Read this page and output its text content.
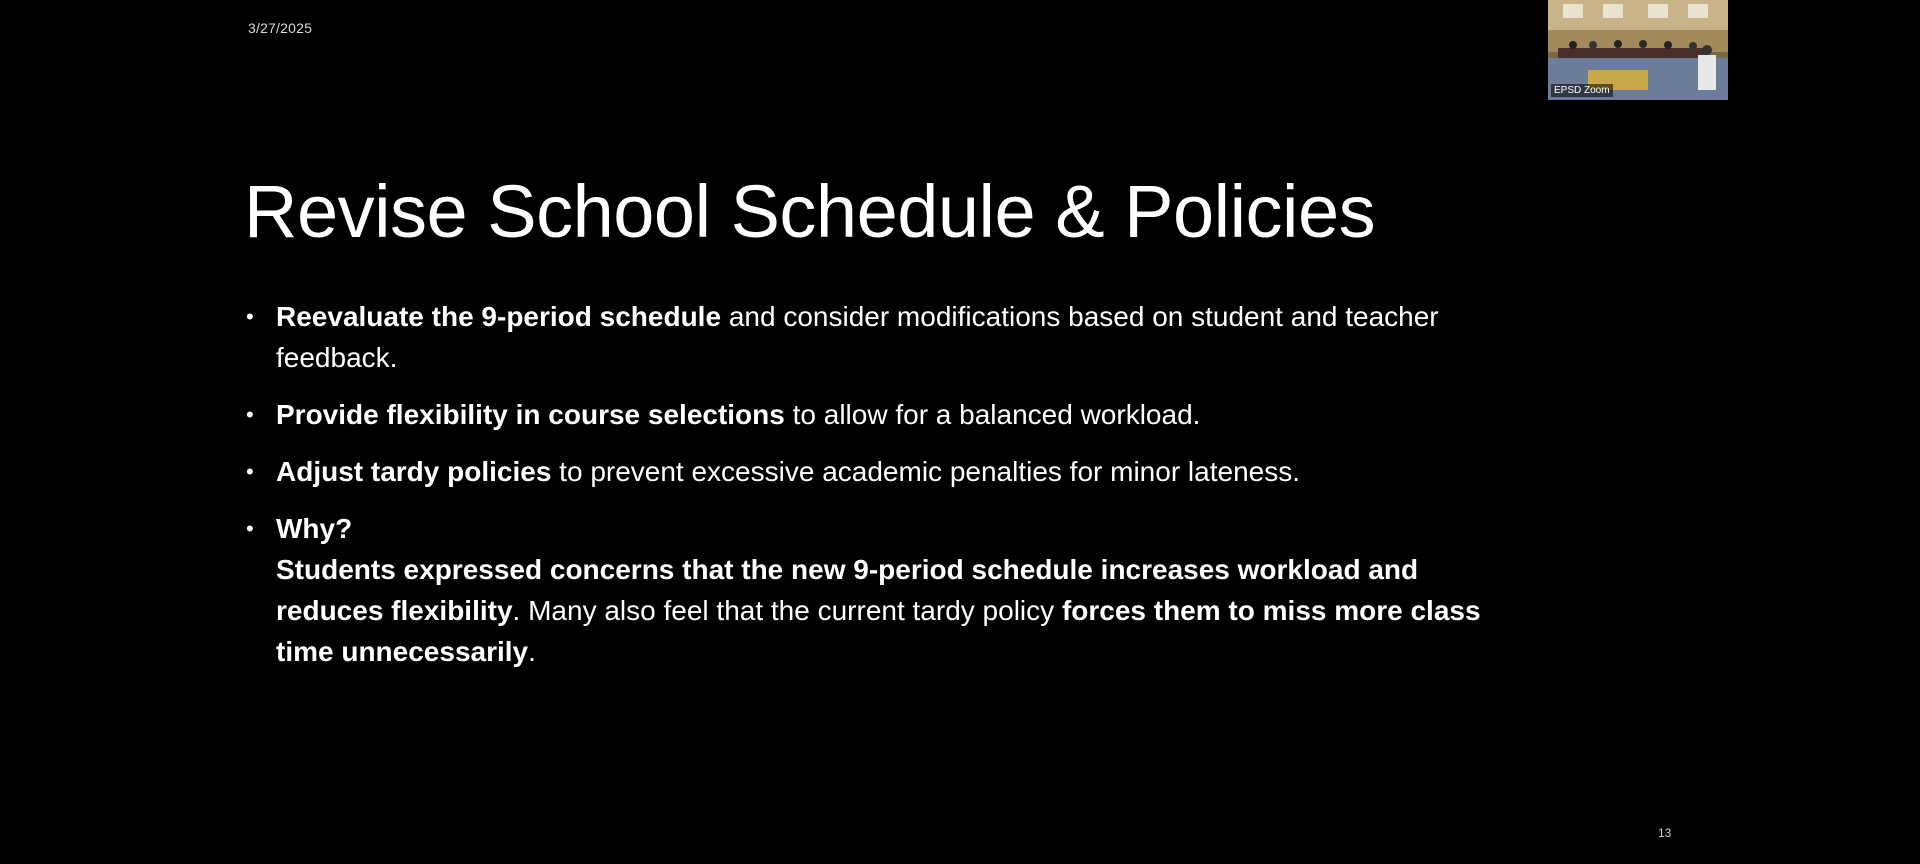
3/27/2025
EPSD Zoom
Revise School Schedule & Policies
• Reevaluate the 9-period schedule and consider modifications based on student and teacher feedback.
• Provide flexibility in course selections to allow for a balanced workload.
• Adjust tardy policies to prevent excessive academic penalties for minor lateness.
• Why?
Students expressed concerns that the new 9-period schedule increases workload and reduces flexibility. Many also feel that the current tardy policy forces them to miss more class time unnecessarily.
13
